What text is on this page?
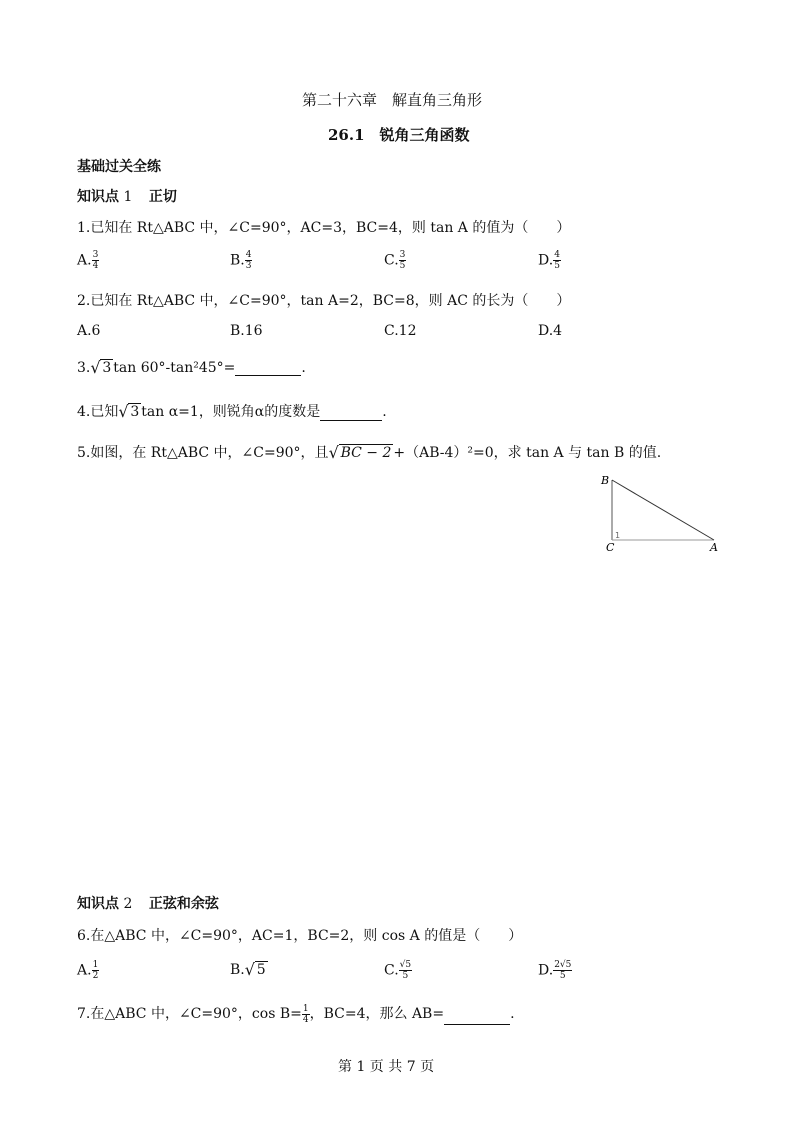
第二十六章　解直角三角形
26.1　锐角三角函数
基础过关全练
知识点 1 正切
1.已知在 Rt△ABC 中，∠C=90°，AC=3，BC=4，则 tan A 的值为（　　）
A. $\frac{3}{4}$	B. $\frac{4}{3}$	C. $\frac{3}{5}$	D. $\frac{4}{5}$
2.已知在 Rt△ABC 中，∠C=90°，tan A=2，BC=8，则 AC 的长为（　　）
A.6	B.16	C.12	D.4
3. √ 3 tan 60°-tan²45°=	.
4.已知 √ 3 tan α=1，则锐角α的度数是	.
5.如图，在 Rt△ABC 中，∠C=90°，且 √ BC − 2 +（AB-4）²=0，求 tan A 与 tan B 的值.
B
C	A
1
知识点 2 正弦和余弦
6.在△ABC 中，∠C=90°，AC=1，BC=2，则 cos A 的值是（　　）
A. $\frac{1}{2}$	B. √ 5	C. $\frac{√5}{5}$	D. $\frac{2√5}{5}$
7.在△ABC 中，∠C=90°，$\cos B= \frac{1}{4}$ ，BC=4，那么 AB=	.
第 1 页 共 7 页
